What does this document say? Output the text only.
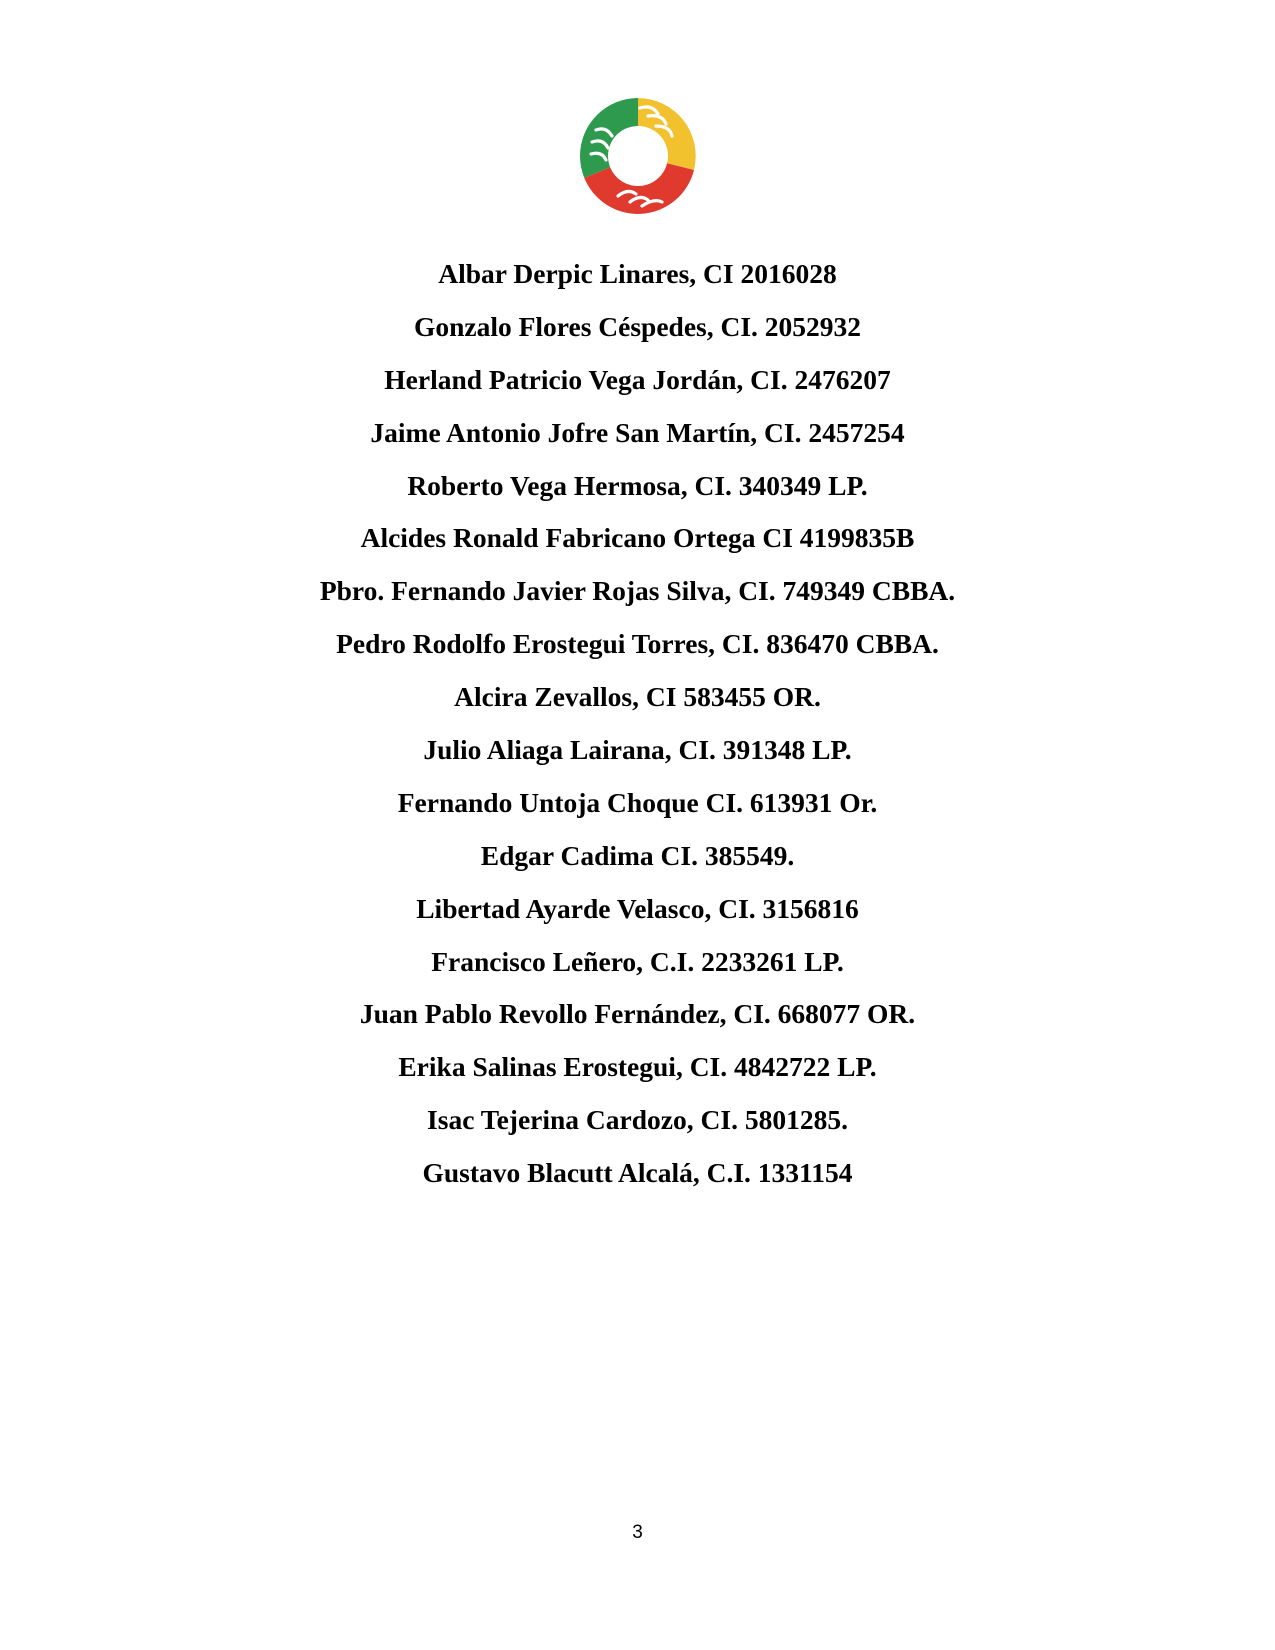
Albar Derpic Linares, CI 2016028
Gonzalo Flores Céspedes, CI. 2052932
Herland Patricio Vega Jordán, CI. 2476207
Jaime Antonio Jofre San Martín, CI. 2457254
Roberto Vega Hermosa, CI. 340349 LP.
Alcides Ronald Fabricano Ortega CI 4199835B
Pbro. Fernando Javier Rojas Silva, CI. 749349 CBBA.
Pedro Rodolfo Erostegui Torres, CI. 836470 CBBA.
Alcira Zevallos, CI 583455 OR.
Julio Aliaga Lairana, CI. 391348 LP.
Fernando Untoja Choque CI. 613931 Or.
Edgar Cadima CI. 385549.
Libertad Ayarde Velasco, CI. 3156816
Francisco Leñero, C.I. 2233261 LP.
Juan Pablo Revollo Fernández, CI. 668077 OR.
Erika Salinas Erostegui, CI. 4842722 LP.
Isac Tejerina Cardozo, CI. 5801285.
Gustavo Blacutt Alcalá, C.I. 1331154
3
